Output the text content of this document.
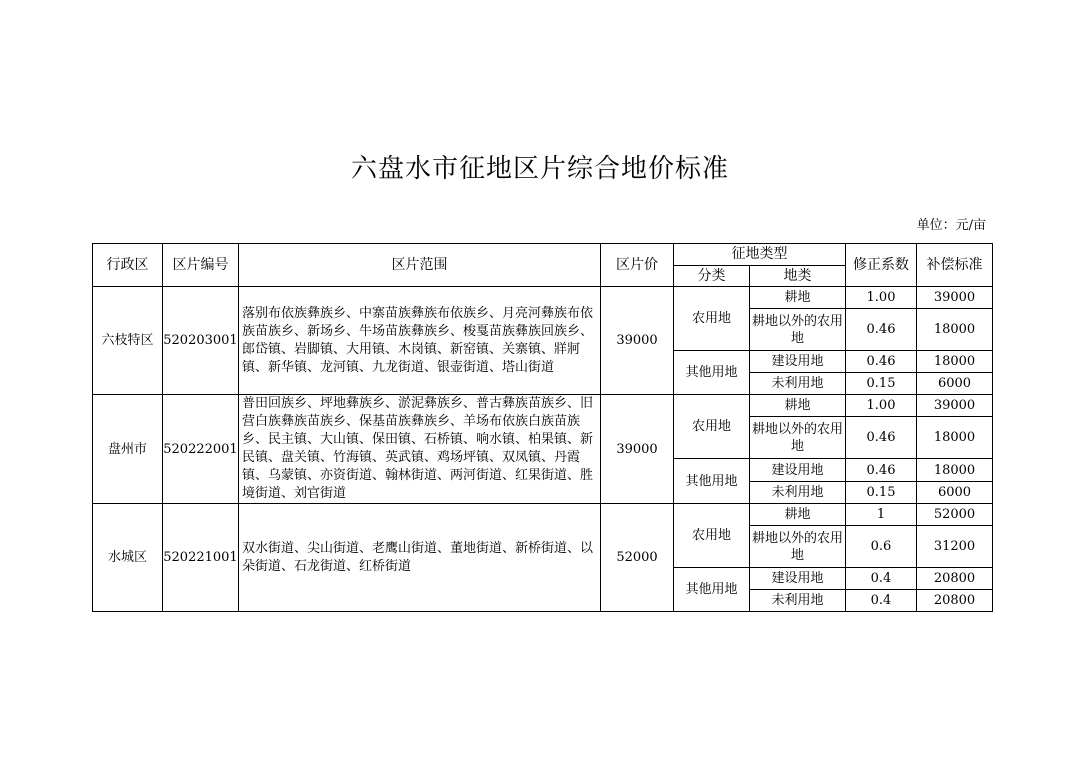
六盘水市征地区片综合地价标准
单位：元/亩
行政区	区片编号	区片范围	区片价	征地类型		修正系数	补偿标准
				分类	地类		
六枝特区	520203001	落别布依族彝族乡、中寨苗族彝族布依族乡、月亮河彝族布依族苗族乡、新场乡、牛场苗族彝族乡、梭戛苗族彝族回族乡、郎岱镇、岩脚镇、大用镇、木岗镇、新窑镇、关寨镇、牂牁镇、新华镇、龙河镇、九龙街道、银壶街道、塔山街道	39000	农用地	耕地	1.00	39000
					耕地以外的农用地	0.46	18000
				其他用地	建设用地	0.46	18000
					未利用地	0.15	6000
盘州市	520222001	普田回族乡、坪地彝族乡、淤泥彝族乡、普古彝族苗族乡、旧营白族彝族苗族乡、保基苗族彝族乡、羊场布依族白族苗族乡、民主镇、大山镇、保田镇、石桥镇、响水镇、柏果镇、新民镇、盘关镇、竹海镇、英武镇、鸡场坪镇、双凤镇、丹霞镇、乌蒙镇、亦资街道、翰林街道、两河街道、红果街道、胜境街道、刘官街道	39000	农用地	耕地	1.00	39000
					耕地以外的农用地	0.46	18000
				其他用地	建设用地	0.46	18000
					未利用地	0.15	6000
水城区	520221001	双水街道、尖山街道、老鹰山街道、董地街道、新桥街道、以朵街道、石龙街道、红桥街道	52000	农用地	耕地	1	52000
					耕地以外的农用地	0.6	31200
				其他用地	建设用地	0.4	20800
					未利用地	0.4	20800
